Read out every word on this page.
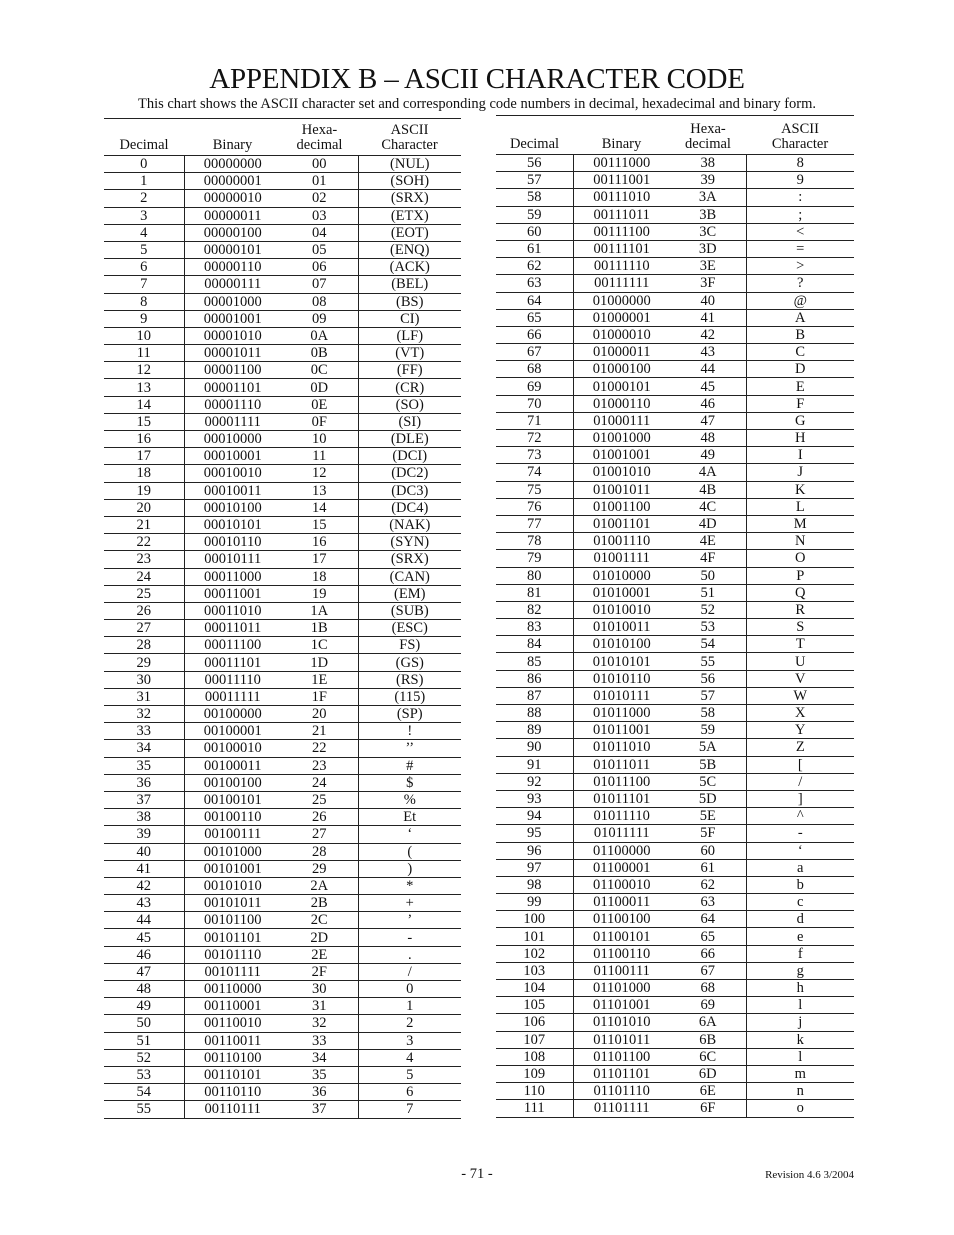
APPENDIX B – ASCII CHARACTER CODE
This chart shows the ASCII character set and corresponding code numbers in decimal, hexadecimal and binary form.
Decimal	Binary	Hexa-
decimal	ASCII
Character
0	00000000	00	(NUL)
1	00000001	01	(SOH)
2	00000010	02	(SRX)
3	00000011	03	(ETX)
4	00000100	04	(EOT)
5	00000101	05	(ENQ)
6	00000110	06	(ACK)
7	00000111	07	(BEL)
8	00001000	08	(BS)
9	00001001	09	CI)
10	00001010	0A	(LF)
11	00001011	0B	(VT)
12	00001100	0C	(FF)
13	00001101	0D	(CR)
14	00001110	0E	(SO)
15	00001111	0F	(SI)
16	00010000	10	(DLE)
17	00010001	11	(DCI)
18	00010010	12	(DC2)
19	00010011	13	(DC3)
20	00010100	14	(DC4)
21	00010101	15	(NAK)
22	00010110	16	(SYN)
23	00010111	17	(SRX)
24	00011000	18	(CAN)
25	00011001	19	(EM)
26	00011010	1A	(SUB)
27	00011011	1B	(ESC)
28	00011100	1C	FS)
29	00011101	1D	(GS)
30	00011110	1E	(RS)
31	00011111	1F	(115)
32	00100000	20	(SP)
33	00100001	21	!
34	00100010	22	’’
35	00100011	23	#
36	00100100	24	$
37	00100101	25	%
38	00100110	26	Et
39	00100111	27	‘
40	00101000	28	(
41	00101001	29	)
42	00101010	2A	*
43	00101011	2B	+
44	00101100	2C	’
45	00101101	2D	-
46	00101110	2E	.
47	00101111	2F	/
48	00110000	30	0
49	00110001	31	1
50	00110010	32	2
51	00110011	33	3
52	00110100	34	4
53	00110101	35	5
54	00110110	36	6
55	00110111	37	7
Decimal	Binary	Hexa-
decimal	ASCII
Character
56	00111000	38	8
57	00111001	39	9
58	00111010	3A	:
59	00111011	3B	;
60	00111100	3C	<
61	00111101	3D	=
62	00111110	3E	>
63	00111111	3F	?
64	01000000	40	@
65	01000001	41	A
66	01000010	42	B
67	01000011	43	C
68	01000100	44	D
69	01000101	45	E
70	01000110	46	F
71	01000111	47	G
72	01001000	48	H
73	01001001	49	I
74	01001010	4A	J
75	01001011	4B	K
76	01001100	4C	L
77	01001101	4D	M
78	01001110	4E	N
79	01001111	4F	O
80	01010000	50	P
81	01010001	51	Q
82	01010010	52	R
83	01010011	53	S
84	01010100	54	T
85	01010101	55	U
86	01010110	56	V
87	01010111	57	W
88	01011000	58	X
89	01011001	59	Y
90	01011010	5A	Z
91	01011011	5B	[
92	01011100	5C	/
93	01011101	5D	]
94	01011110	5E	^
95	01011111	5F	-
96	01100000	60	‘
97	01100001	61	a
98	01100010	62	b
99	01100011	63	c
100	01100100	64	d
101	01100101	65	e
102	01100110	66	f
103	01100111	67	g
104	01101000	68	h
105	01101001	69	l
106	01101010	6A	j
107	01101011	6B	k
108	01101100	6C	l
109	01101101	6D	m
110	01101110	6E	n
111	01101111	6F	o
- 71 -	Revision 4.6 3/2004
